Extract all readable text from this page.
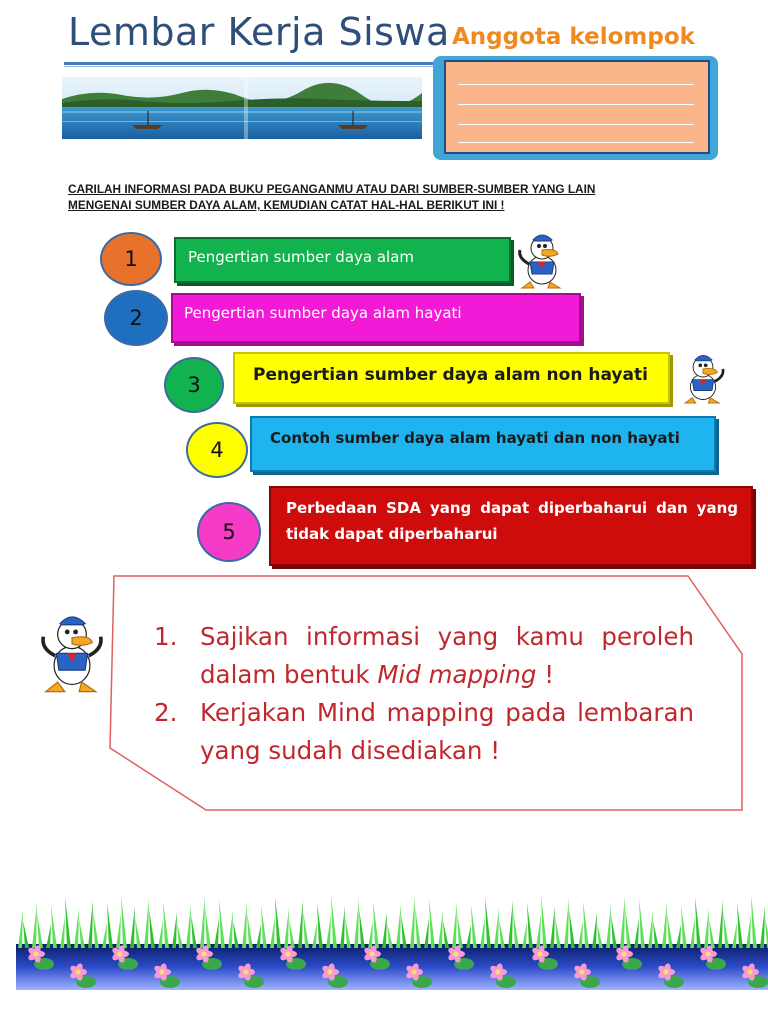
Lembar Kerja Siswa Anggota kelompok
CARILAH INFORMASI PADA BUKU PEGANGANMU ATAU DARI SUMBER-SUMBER YANG LAIN
MENGENAI SUMBER DAYA ALAM, KEMUDIAN CATAT HAL-HAL BERIKUT INI !
1	Pengertian sumber daya alam
2	Pengertian sumber daya alam hayati
3	Pengertian sumber daya alam non hayati
4	Contoh sumber daya alam hayati dan non hayati
5
Perbedaan SDA yang dapat diperbaharui dan yang
tidak dapat diperbaharui
1. Sajikan informasi yang kamu peroleh
dalam bentuk Mid mapping !
2. Kerjakan Mind mapping pada lembaran
yang sudah disediakan !
